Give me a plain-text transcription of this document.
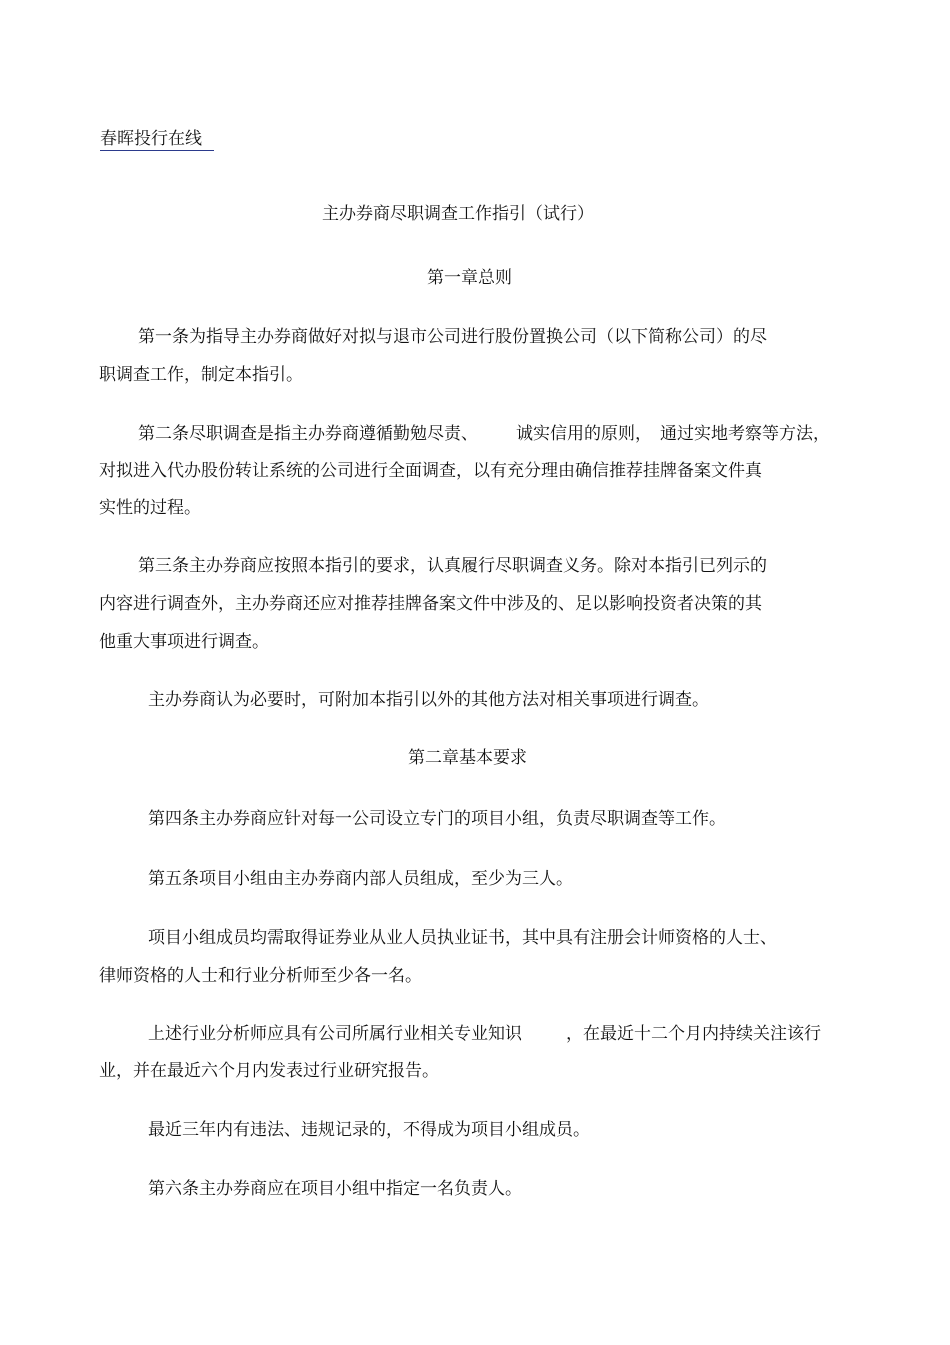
春晖投行在线

主办券商尽职调查工作指引（试行）

第一章总则

第一条为指导主办券商做好对拟与退市公司进行股份置换公司（以下简称公司）的尽

职调查工作，制定本指引。

第二条尽职调查是指主办券商遵循勤勉尽责、 诚实信用的原则， 通过实地考察等方法，

对拟进入代办股份转让系统的公司进行全面调查，以有充分理由确信推荐挂牌备案文件真

实性的过程。

第三条主办券商应按照本指引的要求，认真履行尽职调查义务。除对本指引已列示的

内容进行调查外，主办券商还应对推荐挂牌备案文件中涉及的、足以影响投资者决策的其

他重大事项进行调查。

主办券商认为必要时，可附加本指引以外的其他方法对相关事项进行调查。

第二章基本要求

第四条主办券商应针对每一公司设立专门的项目小组，负责尽职调查等工作。

第五条项目小组由主办券商内部人员组成，至少为三人。

项目小组成员均需取得证券业从业人员执业证书，其中具有注册会计师资格的人士、

律师资格的人士和行业分析师至少各一名。

上述行业分析师应具有公司所属行业相关专业知识	，在最近十二个月内持续关注该行

业，并在最近六个月内发表过行业研究报告。

最近三年内有违法、违规记录的，不得成为项目小组成员。

第六条主办券商应在项目小组中指定一名负责人。
